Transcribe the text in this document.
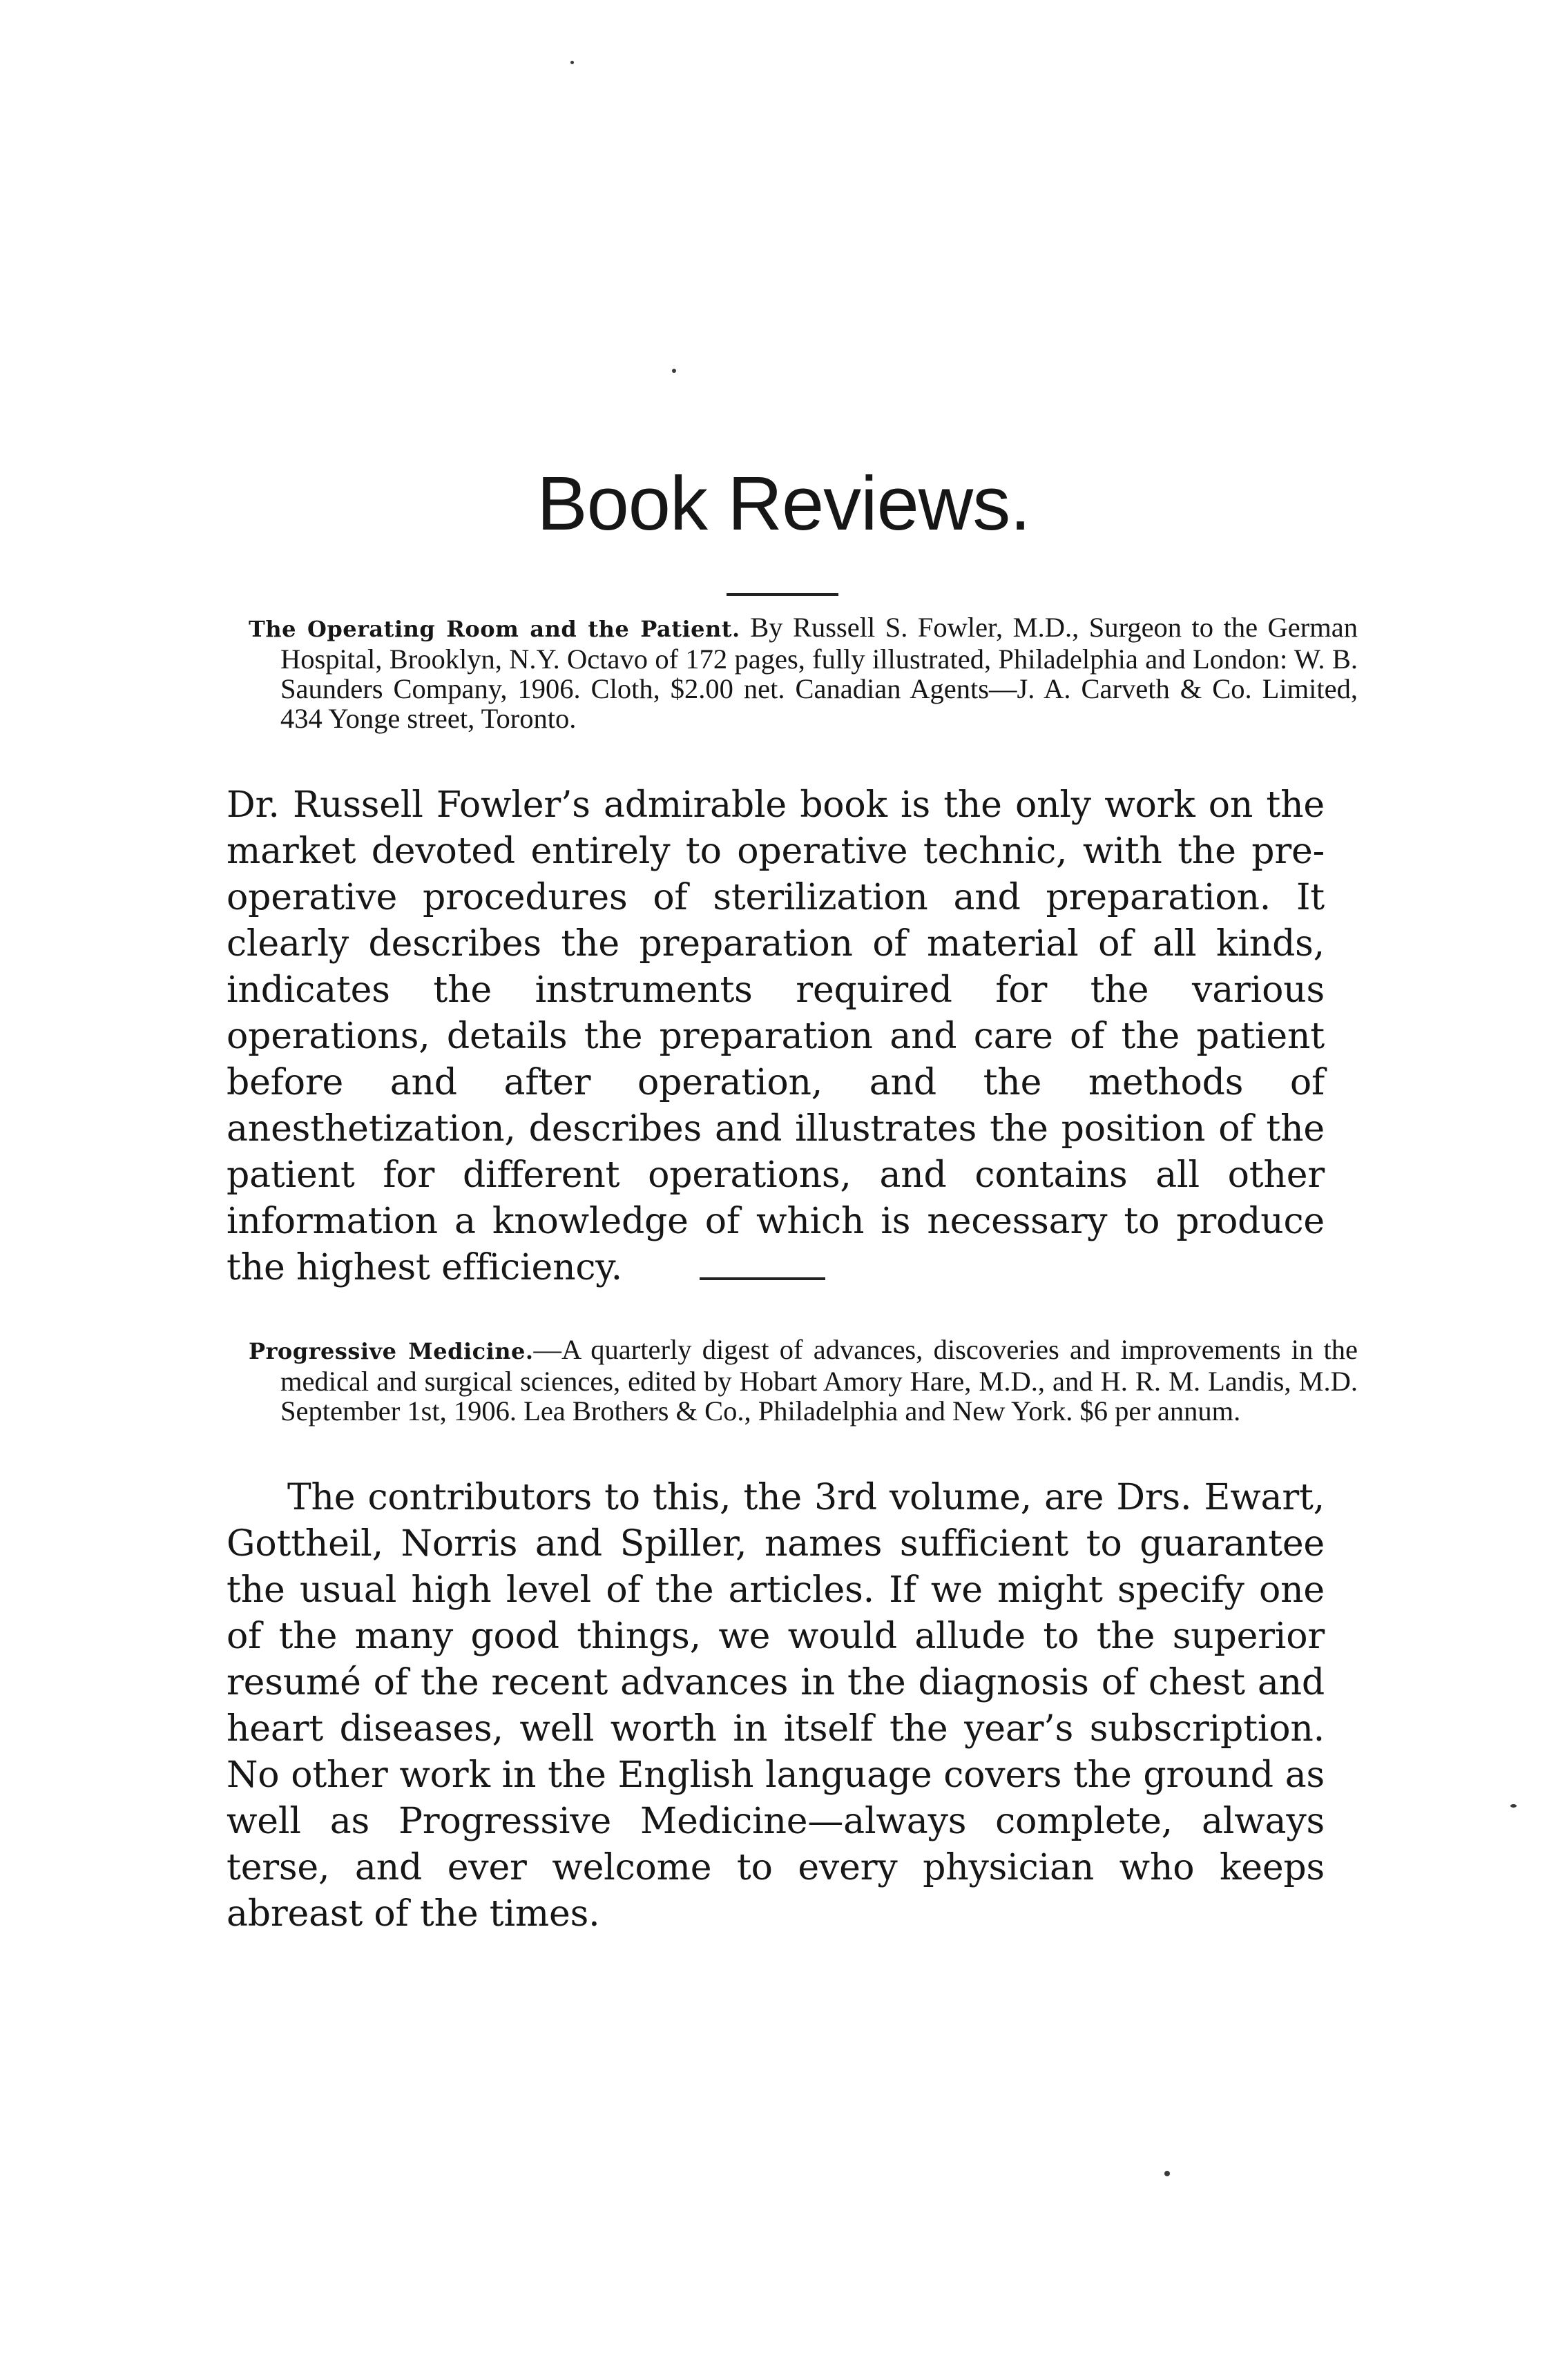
Book Reviews.

The Operating Room and the Patient. By Russell S. Fowler, M.D., Surgeon to the German Hospital, Brooklyn, N.Y. Octavo of 172 pages, fully illustrated, Philadelphia and London: W. B. Saunders Company, 1906. Cloth, $2.00 net. Canadian Agents—J. A. Carveth & Co. Limited, 434 Yonge street, Toronto.

Dr. Russell Fowler’s admirable book is the only work on the market devoted entirely to operative technic, with the pre-operative procedures of sterilization and preparation. It clearly describes the preparation of material of all kinds, indicates the instruments required for the various operations, details the preparation and care of the patient before and after operation, and the methods of anesthetization, describes and illustrates the position of the patient for different operations, and contains all other information a knowledge of which is necessary to produce the highest efficiency.

Progressive Medicine.—A quarterly digest of advances, discoveries and improvements in the medical and surgical sciences, edited by Hobart Amory Hare, M.D., and H. R. M. Landis, M.D. September 1st, 1906. Lea Brothers & Co., Philadelphia and New York. $6 per annum.

The contributors to this, the 3rd volume, are Drs. Ewart, Gottheil, Norris and Spiller, names sufficient to guarantee the usual high level of the articles. If we might specify one of the many good things, we would allude to the superior resumé of the recent advances in the diagnosis of chest and heart diseases, well worth in itself the year’s subscription. No other work in the English language covers the ground as well as Progressive Medicine—always complete, always terse, and ever welcome to every physician who keeps abreast of the times.
